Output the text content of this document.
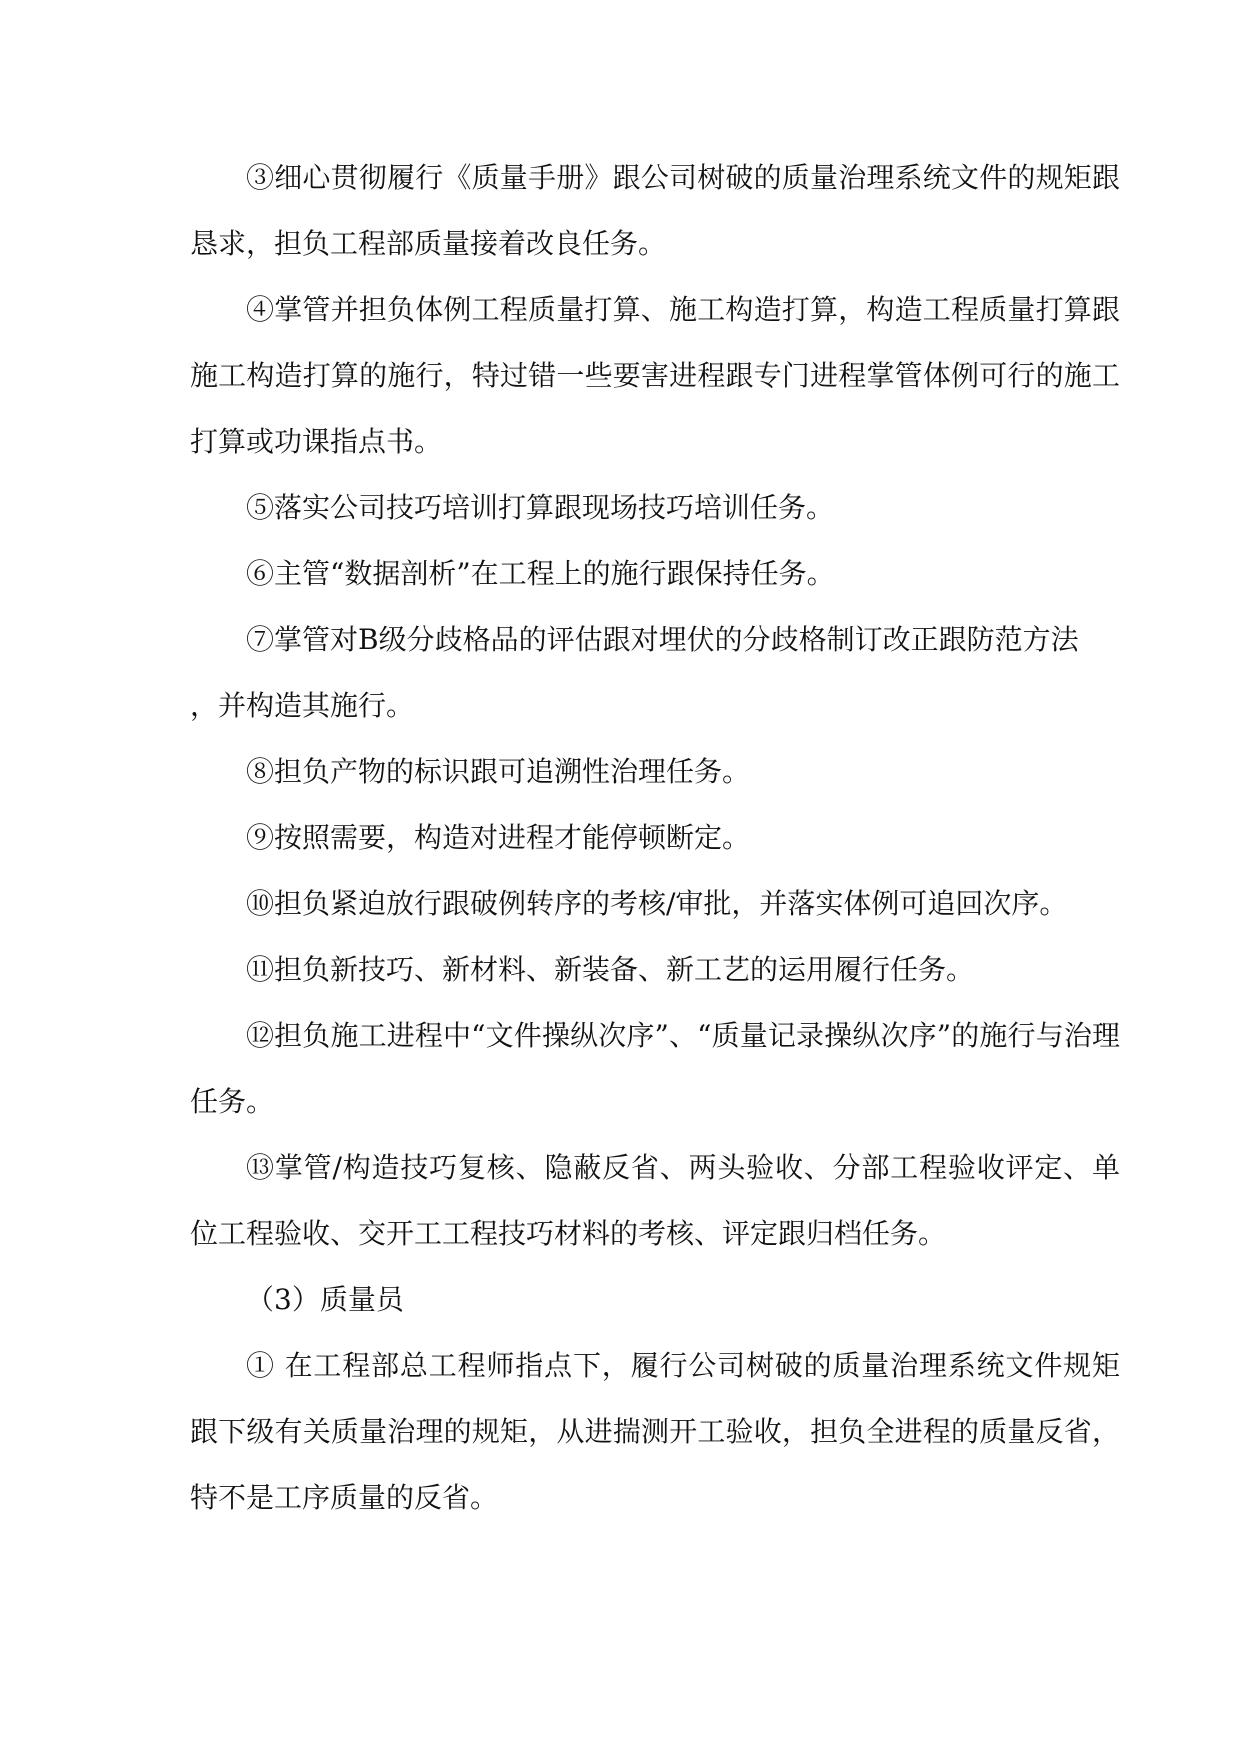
③细心贯彻履行《质量手册》跟公司树破的质量治理系统文件的规矩跟恳求，担负工程部质量接着改良任务。

④掌管并担负体例工程质量打算、施工构造打算，构造工程质量打算跟施工构造打算的施行，特过错一些要害进程跟专门进程掌管体例可行的施工打算或功课指点书。

⑤落实公司技巧培训打算跟现场技巧培训任务。

⑥主管“数据剖析”在工程上的施行跟保持任务。

⑦掌管对B级分歧格品的评估跟对埋伏的分歧格制订改正跟防范方法

，并构造其施行。

⑧担负产物的标识跟可追溯性治理任务。

⑨按照需要，构造对进程才能停顿断定。

⑩担负紧迫放行跟破例转序的考核/审批，并落实体例可追回次序。

⑪担负新技巧、新材料、新装备、新工艺的运用履行任务。

⑫担负施工进程中“文件操纵次序”、“质量记录操纵次序”的施行与治理任务。

⑬掌管/构造技巧复核、隐蔽反省、两头验收、分部工程验收评定、单位工程验收、交开工工程技巧材料的考核、评定跟归档任务。

（3）质量员

① 在工程部总工程师指点下，履行公司树破的质量治理系统文件规矩跟下级有关质量治理的规矩，从进揣测开工验收，担负全进程的质量反省，特不是工序质量的反省。
